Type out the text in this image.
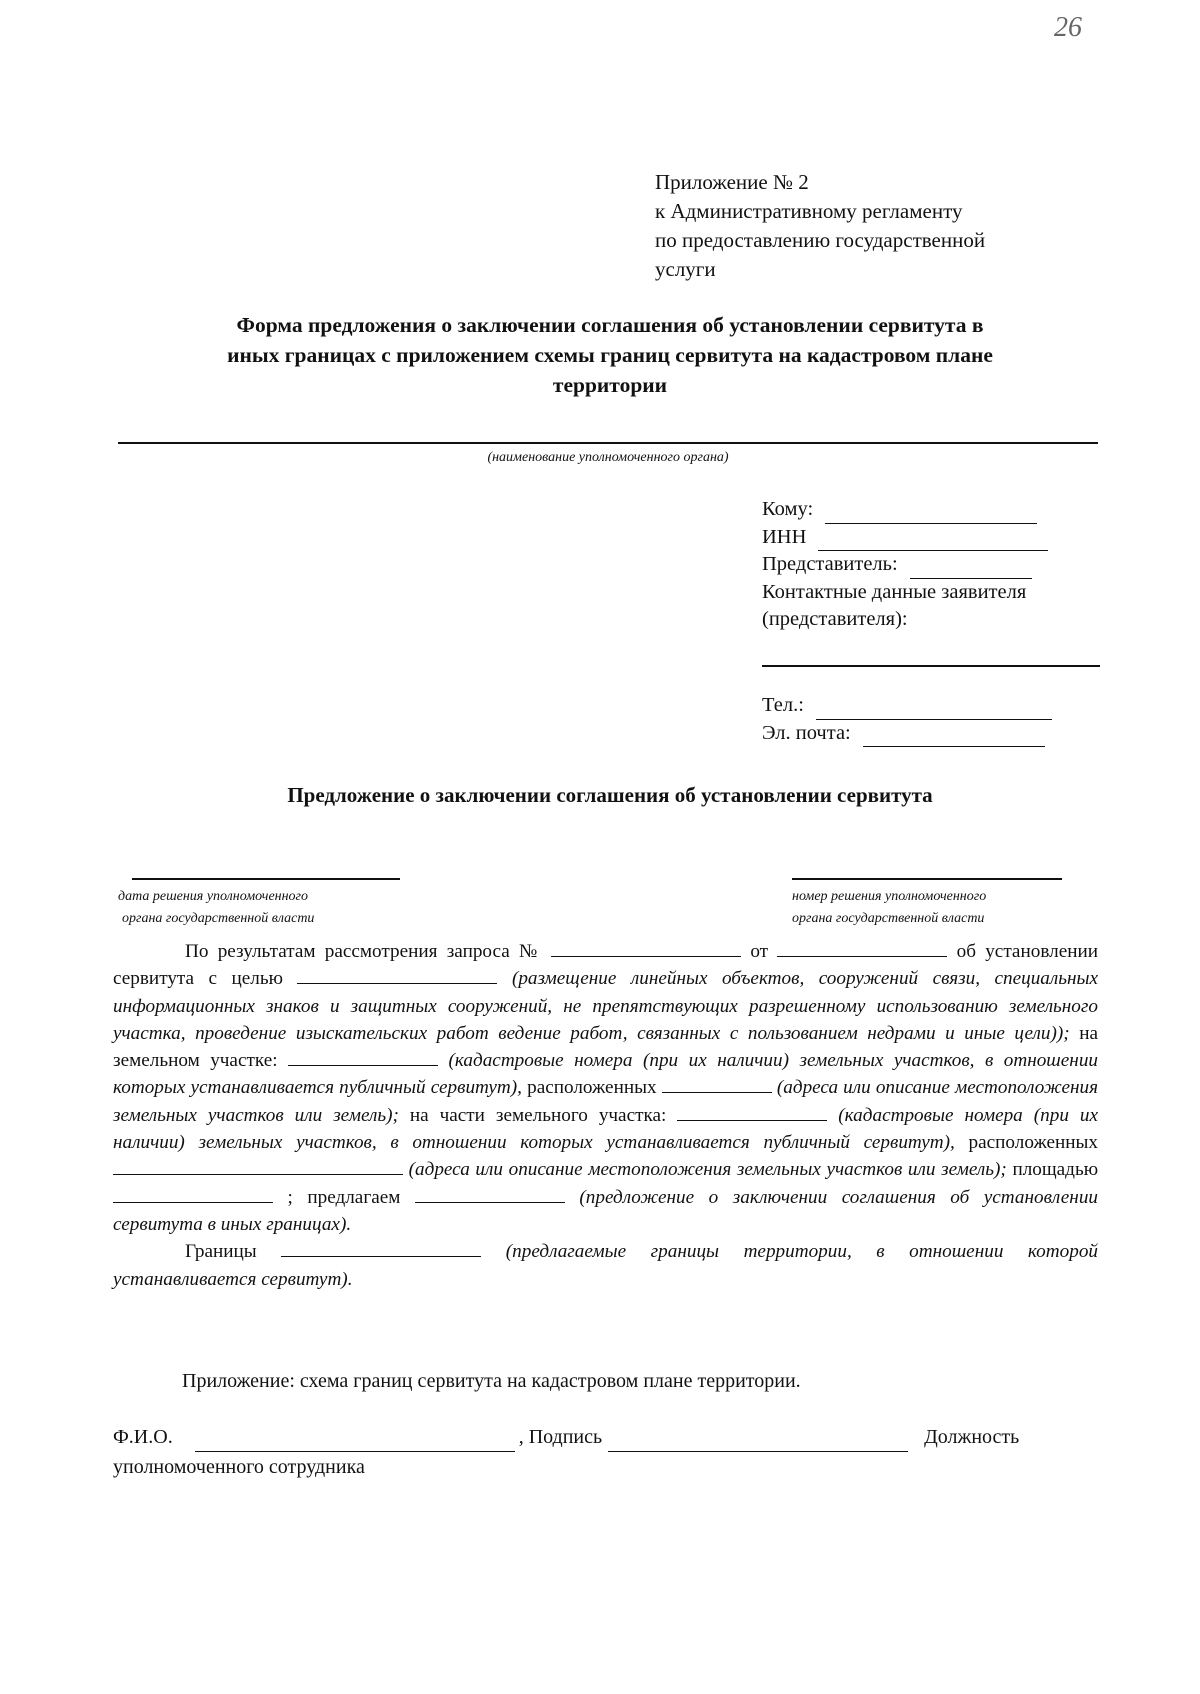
26
Приложение № 2
к Административному регламенту
по предоставлению государственной
услуги
Форма предложения о заключении соглашения об установлении сервитута в
иных границах с приложением схемы границ сервитута на кадастровом плане
территории
(наименование уполномоченного органа)
Кому:
ИНН
Представитель:
Контактные данные заявителя
(представителя):
Тел.:
Эл. почта:
Предложение о заключении соглашения об установлении сервитута
дата решения уполномоченного
органа государственной власти
номер решения уполномоченного
органа государственной власти

По результатам рассмотрения запроса №	от	об установлении сервитута с целью	(размещение линейных объектов, сооружений связи, специальных информационных знаков и защитных сооружений, не препятствующих разрешенному использованию земельного участка, проведение изыскательских работ ведение работ, связанных с пользованием недрами и иные цели)); на земельном участке:	(кадастровые номера (при их наличии) земельных участков, в отношении которых устанавливается публичный сервитут), расположенных	(адреса или описание местоположения земельных участков или земель); на части земельного участка:	(кадастровые номера (при их наличии) земельных участков, в отношении которых устанавливается публичный сервитут), расположенных  (адреса или описание местоположения земельных участков или земель); площадью  ; предлагаем	(предложение о заключении соглашения об установлении сервитута в иных границах).

Границы	(предлагаемые границы территории, в отношении которой устанавливается сервитут).

Приложение: схема границ сервитута на кадастровом плане территории.
Ф.И.О.	, Подпись	Должность
уполномоченного сотрудника
